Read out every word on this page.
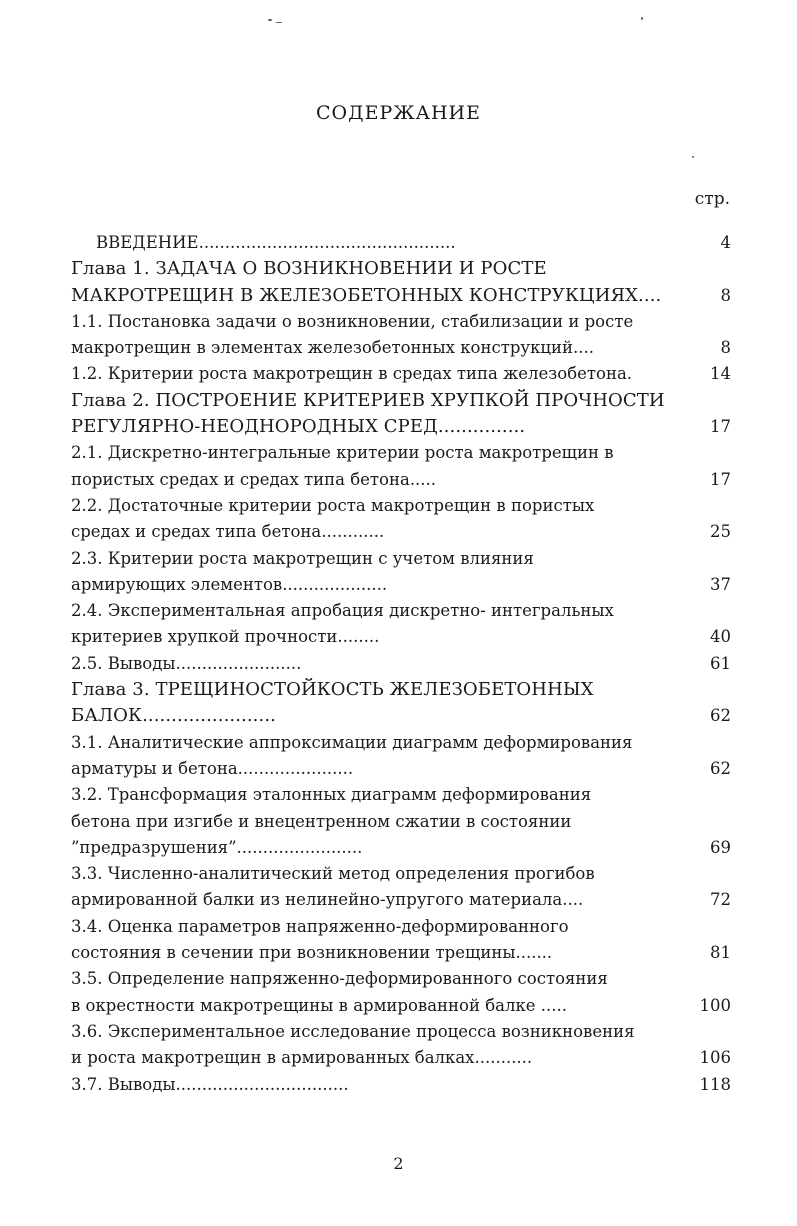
СОДЕРЖАНИЕ
стр.
ВВЕДЕНИЕ.................................................	4
Глава 1. ЗАДАЧА О ВОЗНИКНОВЕНИИ И РОСТЕ
МАКРОТРЕЩИН В ЖЕЛЕЗОБЕТОННЫХ КОНСТРУКЦИЯХ....	8
1.1. Постановка задачи о возникновении, стабилизации и росте
макротрещин в элементах железобетонных конструкций....	8
1.2. Критерии роста макротрещин в средах типа железобетона.	14
Глава 2. ПОСТРОЕНИЕ КРИТЕРИЕВ ХРУПКОЙ ПРОЧНОСТИ
РЕГУЛЯРНО-НЕОДНОРОДНЫХ СРЕД...............	17
2.1. Дискретно-интегральные критерии роста макротрещин в
пористых средах и средах типа бетона.....	17
2.2. Достаточные критерии роста макротрещин в пористых
средах и средах типа бетона............	25
2.3. Критерии роста макротрещин с учетом влияния
армирующих элементов....................	37
2.4. Экспериментальная апробация дискретно- интегральных
критериев хрупкой прочности........	40
2.5. Выводы........................	61
Глава 3. ТРЕЩИНОСТОЙКОСТЬ ЖЕЛЕЗОБЕТОННЫХ
БАЛОК.......................	62
3.1. Аналитические аппроксимации диаграмм деформирования
арматуры и бетона......................	62
3.2. Трансформация эталонных диаграмм деформирования
бетона при изгибе и внецентренном сжатии в состоянии
”предразрушения”........................	69
3.3. Численно-аналитический метод определения прогибов
армированной балки из нелинейно-упругого материала....	72
3.4. Оценка параметров напряженно-деформированного
состояния в сечении при возникновении трещины.......	81
3.5. Определение напряженно-деформированного состояния
в окрестности макротрещины в армированной балке .....	100
3.6. Экспериментальное исследование процесса возникновения
и роста макротрещин в армированных балках...........	106
3.7. Выводы.................................	118
2
